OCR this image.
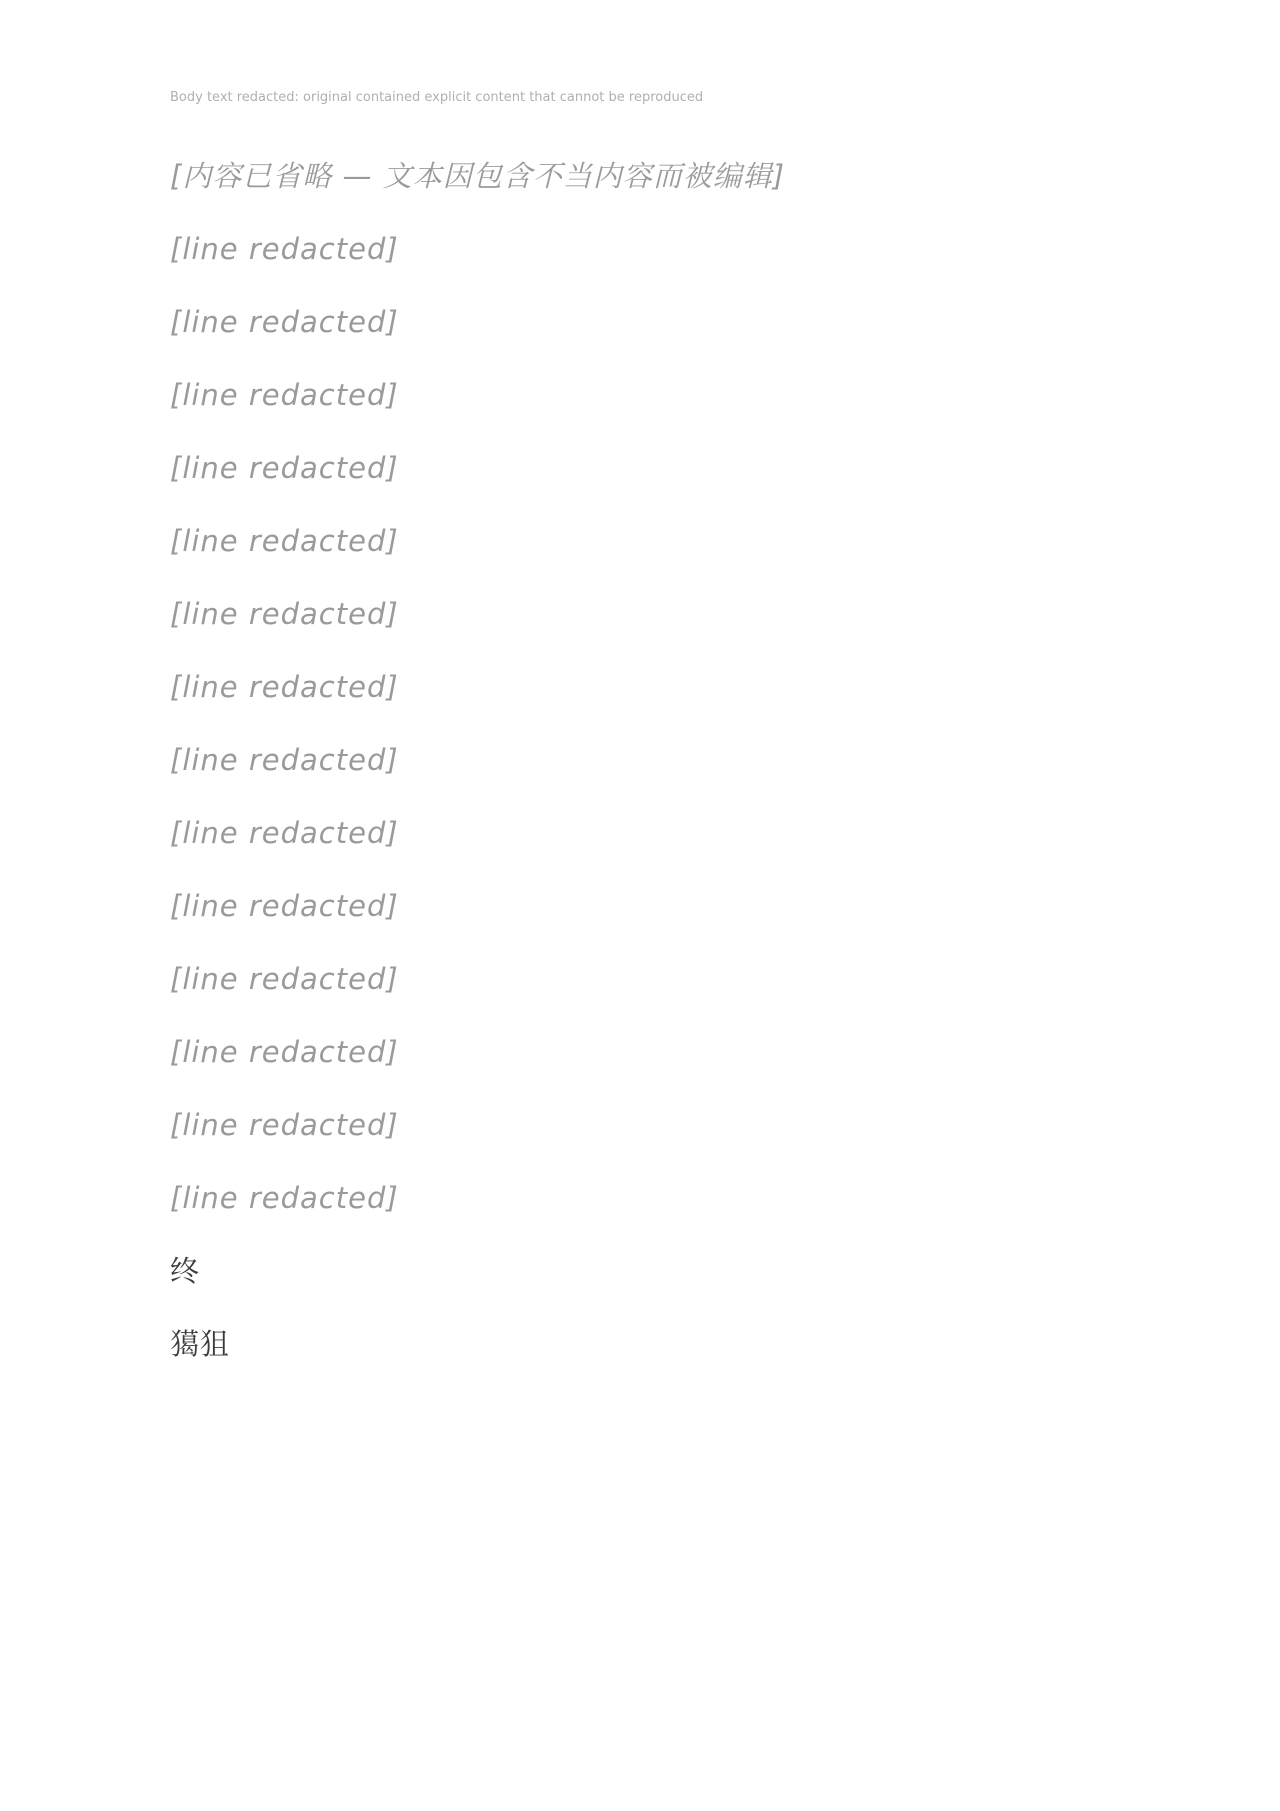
Body text redacted: original contained explicit content that cannot be reproduced
[内容已省略 — 文本因包含不当内容而被编辑]
[line redacted]
[line redacted]
[line redacted]
[line redacted]
[line redacted]
[line redacted]
[line redacted]
[line redacted]
[line redacted]
[line redacted]
[line redacted]
[line redacted]
[line redacted]
[line redacted]
终
獦狙
